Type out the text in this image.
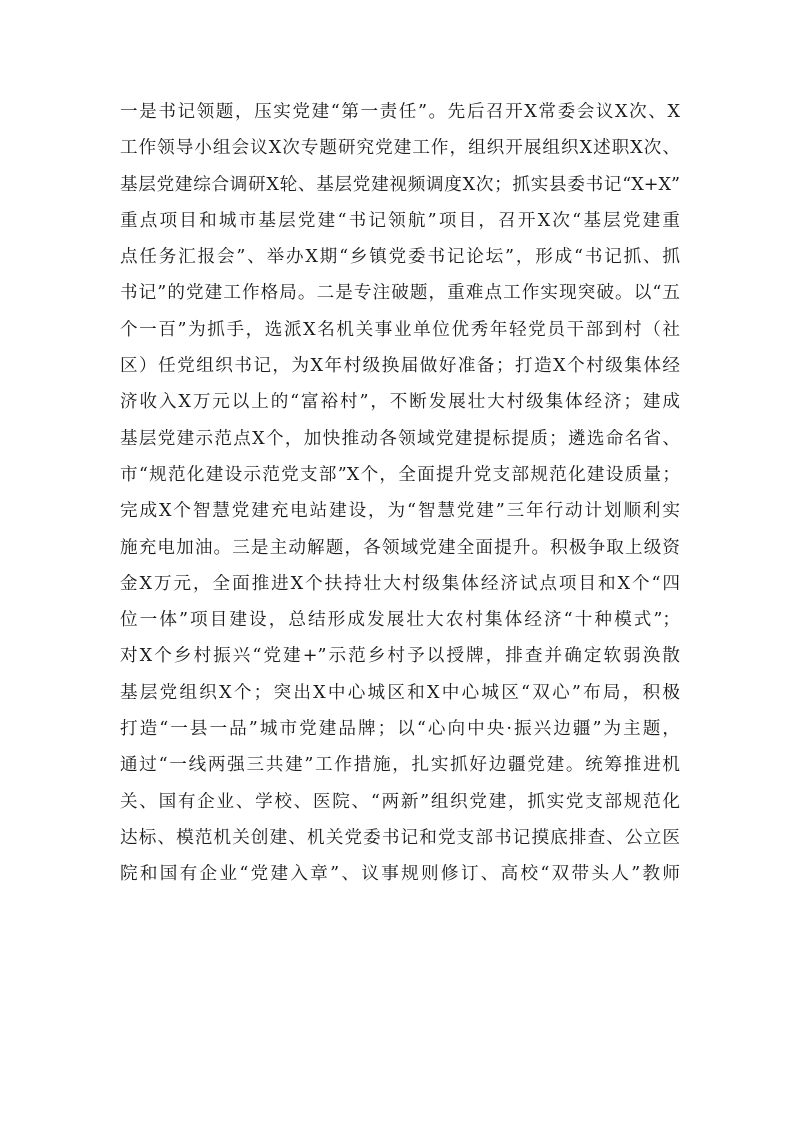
一是书记领题，压实党建“第一责任”。先后召开X常委会议X次、X
工作领导小组会议X次专题研究党建工作，组织开展组织X述职X次、
基层党建综合调研X轮、基层党建视频调度X次；抓实县委书记“X+X”
重点项目和城市基层党建“书记领航”项目，召开X次“基层党建重
点任务汇报会”、举办X期“乡镇党委书记论坛”，形成“书记抓、抓
书记”的党建工作格局。二是专注破题，重难点工作实现突破。以“五
个一百”为抓手，选派X名机关事业单位优秀年轻党员干部到村（社
区）任党组织书记，为X年村级换届做好准备；打造X个村级集体经
济收入X万元以上的“富裕村”，不断发展壮大村级集体经济；建成
基层党建示范点X个，加快推动各领域党建提标提质；遴选命名省、
市“规范化建设示范党支部”X个，全面提升党支部规范化建设质量；
完成X个智慧党建充电站建设，为“智慧党建”三年行动计划顺利实
施充电加油。三是主动解题，各领域党建全面提升。积极争取上级资
金X万元，全面推进X个扶持壮大村级集体经济试点项目和X个“四
位一体”项目建设，总结形成发展壮大农村集体经济“十种模式”；
对X个乡村振兴“党建+”示范乡村予以授牌，排查并确定软弱涣散
基层党组织X个；突出X中心城区和X中心城区“双心”布局，积极
打造“一县一品”城市党建品牌；以“心向中央·振兴边疆”为主题，
通过“一线两强三共建”工作措施，扎实抓好边疆党建。统筹推进机
关、国有企业、学校、医院、“两新”组织党建，抓实党支部规范化
达标、模范机关创建、机关党委书记和党支部书记摸底排查、公立医
院和国有企业“党建入章”、议事规则修订、高校“双带头人”教师
